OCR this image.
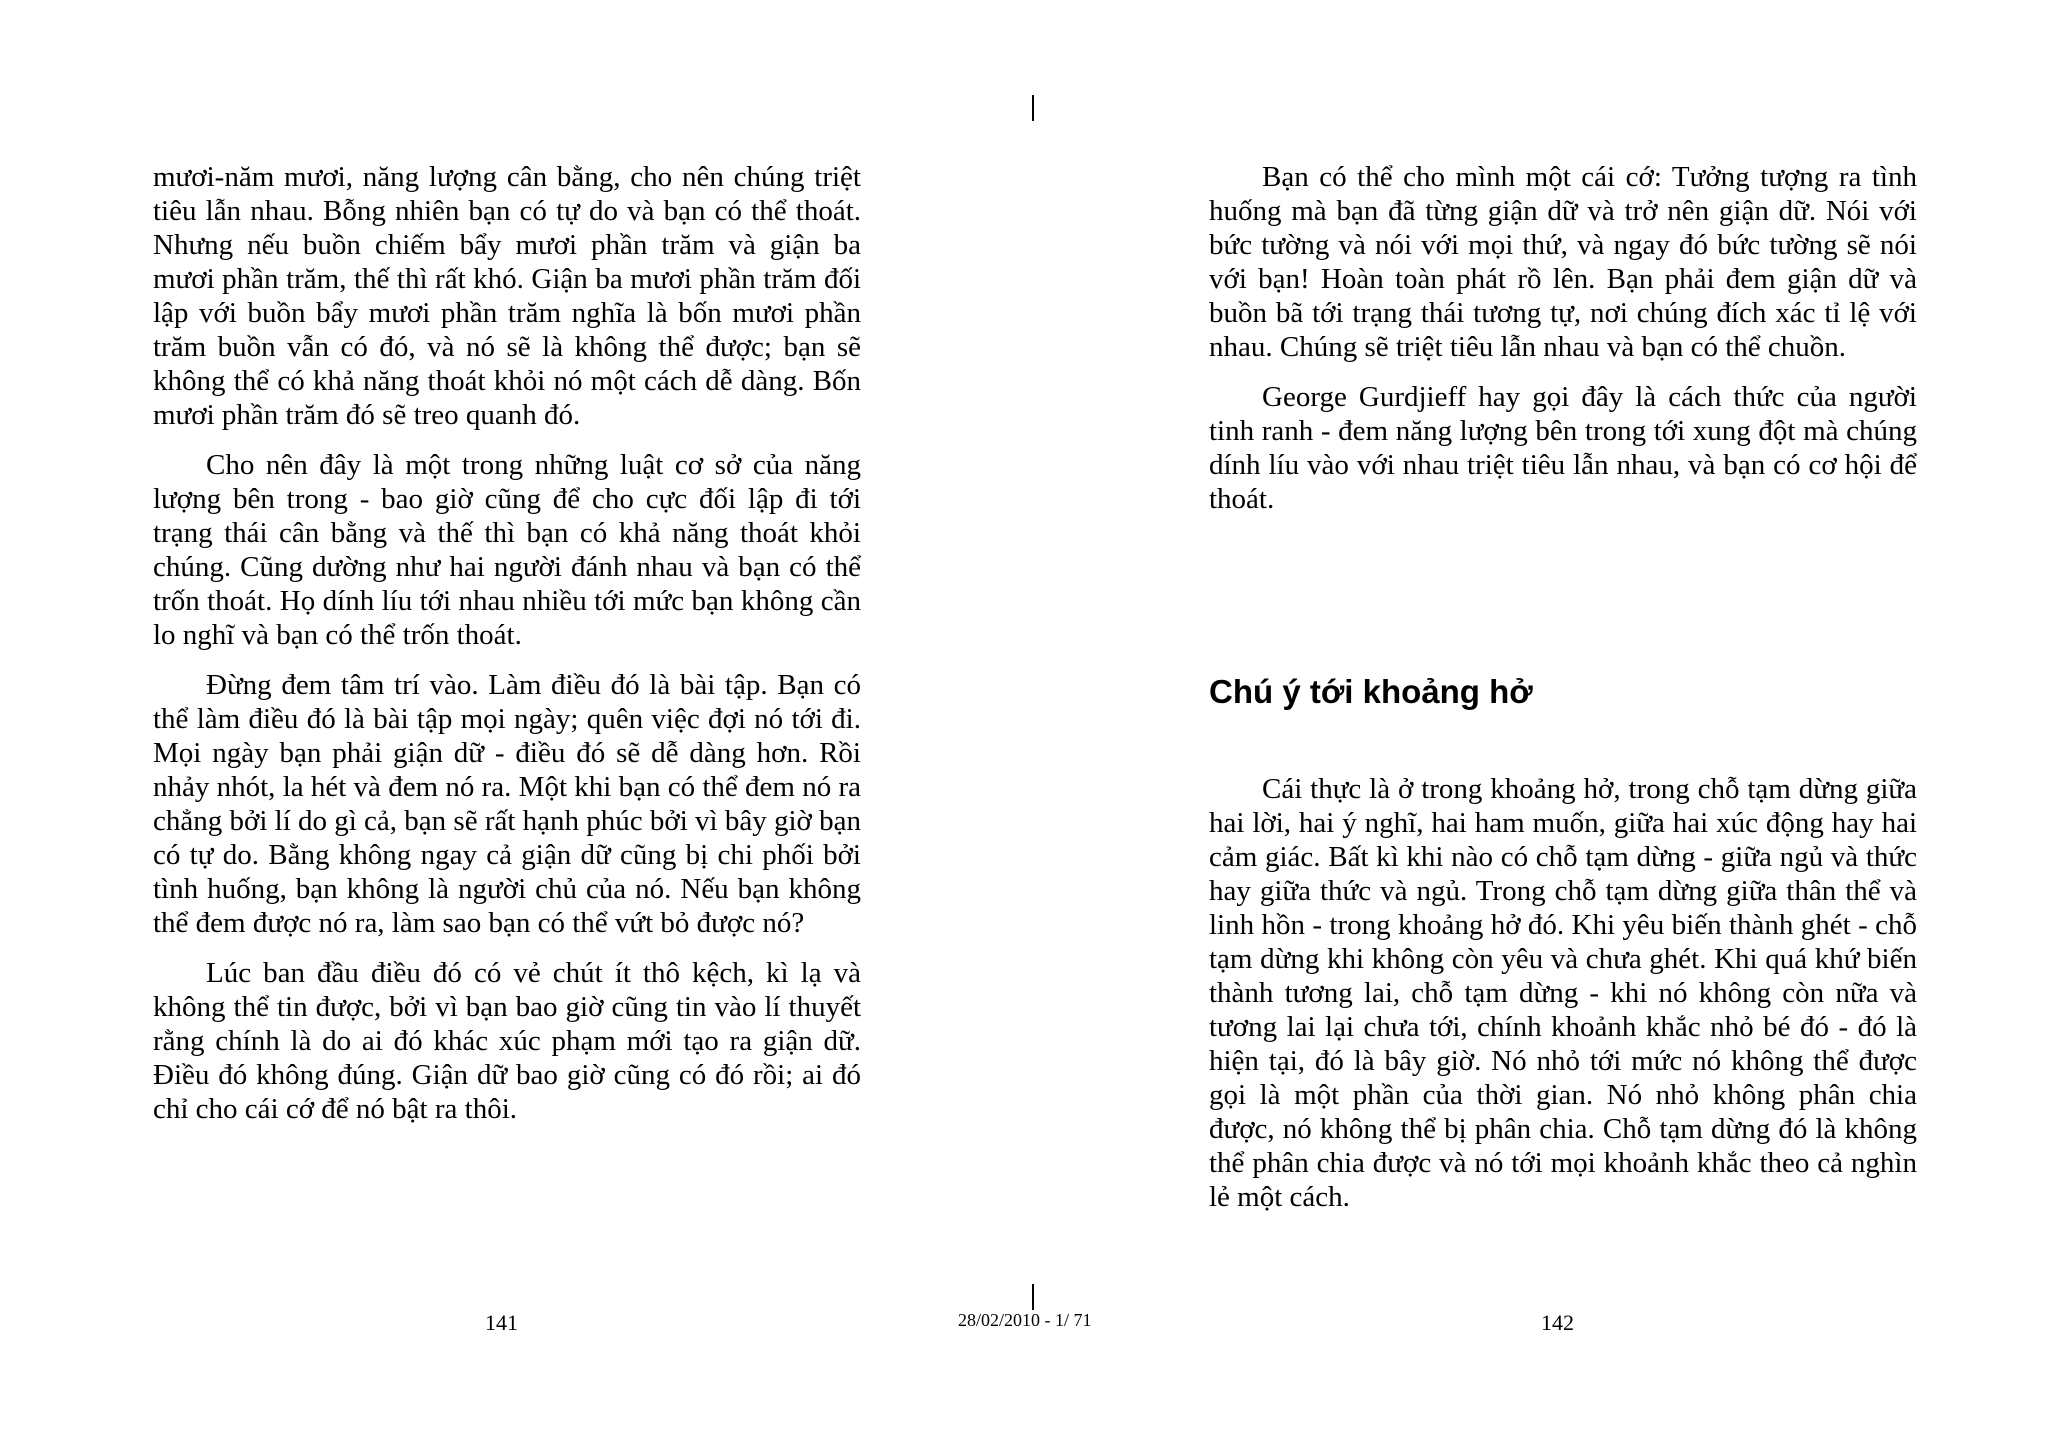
mươi-năm mươi, năng lượng cân bằng, cho nên chúng triệt tiêu lẫn nhau. Bỗng nhiên bạn có tự do và bạn có thể thoát. Nhưng nếu buồn chiếm bẩy mươi phần trăm và giận ba mươi phần trăm, thế thì rất khó. Giận ba mươi phần trăm đối lập với buồn bẩy mươi phần trăm nghĩa là bốn mươi phần trăm buồn vẫn có đó, và nó sẽ là không thể được; bạn sẽ không thể có khả năng thoát khỏi nó một cách dễ dàng. Bốn mươi phần trăm đó sẽ treo quanh đó.

Cho nên đây là một trong những luật cơ sở của năng lượng bên trong - bao giờ cũng để cho cực đối lập đi tới trạng thái cân bằng và thế thì bạn có khả năng thoát khỏi chúng. Cũng dường như hai người đánh nhau và bạn có thể trốn thoát. Họ dính líu tới nhau nhiều tới mức bạn không cần lo nghĩ và bạn có thể trốn thoát.

Đừng đem tâm trí vào. Làm điều đó là bài tập. Bạn có thể làm điều đó là bài tập mọi ngày; quên việc đợi nó tới đi. Mọi ngày bạn phải giận dữ - điều đó sẽ dễ dàng hơn. Rồi nhảy nhót, la hét và đem nó ra. Một khi bạn có thể đem nó ra chẳng bởi lí do gì cả, bạn sẽ rất hạnh phúc bởi vì bây giờ bạn có tự do. Bằng không ngay cả giận dữ cũng bị chi phối bởi tình huống, bạn không là người chủ của nó. Nếu bạn không thể đem được nó ra, làm sao bạn có thể vứt bỏ được nó?

Lúc ban đầu điều đó có vẻ chút ít thô kệch, kì lạ và không thể tin được, bởi vì bạn bao giờ cũng tin vào lí thuyết rằng chính là do ai đó khác xúc phạm mới tạo ra giận dữ. Điều đó không đúng. Giận dữ bao giờ cũng có đó rồi; ai đó chỉ cho cái cớ để nó bật ra thôi.

141	28/02/2010 - 1/ 71

Bạn có thể cho mình một cái cớ: Tưởng tượng ra tình huống mà bạn đã từng giận dữ và trở nên giận dữ. Nói với bức tường và nói với mọi thứ, và ngay đó bức tường sẽ nói với bạn! Hoàn toàn phát rồ lên. Bạn phải đem giận dữ và buồn bã tới trạng thái tương tự, nơi chúng đích xác tỉ lệ với nhau. Chúng sẽ triệt tiêu lẫn nhau và bạn có thể chuồn.

George Gurdjieff hay gọi đây là cách thức của người tinh ranh - đem năng lượng bên trong tới xung đột mà chúng dính líu vào với nhau triệt tiêu lẫn nhau, và bạn có cơ hội để thoát.

Chú ý tới khoảng hở

Cái thực là ở trong khoảng hở, trong chỗ tạm dừng giữa hai lời, hai ý nghĩ, hai ham muốn, giữa hai xúc động hay hai cảm giác. Bất kì khi nào có chỗ tạm dừng - giữa ngủ và thức hay giữa thức và ngủ. Trong chỗ tạm dừng giữa thân thể và linh hồn - trong khoảng hở đó. Khi yêu biến thành ghét - chỗ tạm dừng khi không còn yêu và chưa ghét. Khi quá khứ biến thành tương lai, chỗ tạm dừng - khi nó không còn nữa và tương lai lại chưa tới, chính khoảnh khắc nhỏ bé đó - đó là hiện tại, đó là bây giờ. Nó nhỏ tới mức nó không thể được gọi là một phần của thời gian. Nó nhỏ không phân chia được, nó không thể bị phân chia. Chỗ tạm dừng đó là không thể phân chia được và nó tới mọi khoảnh khắc theo cả nghìn lẻ một cách.

142
